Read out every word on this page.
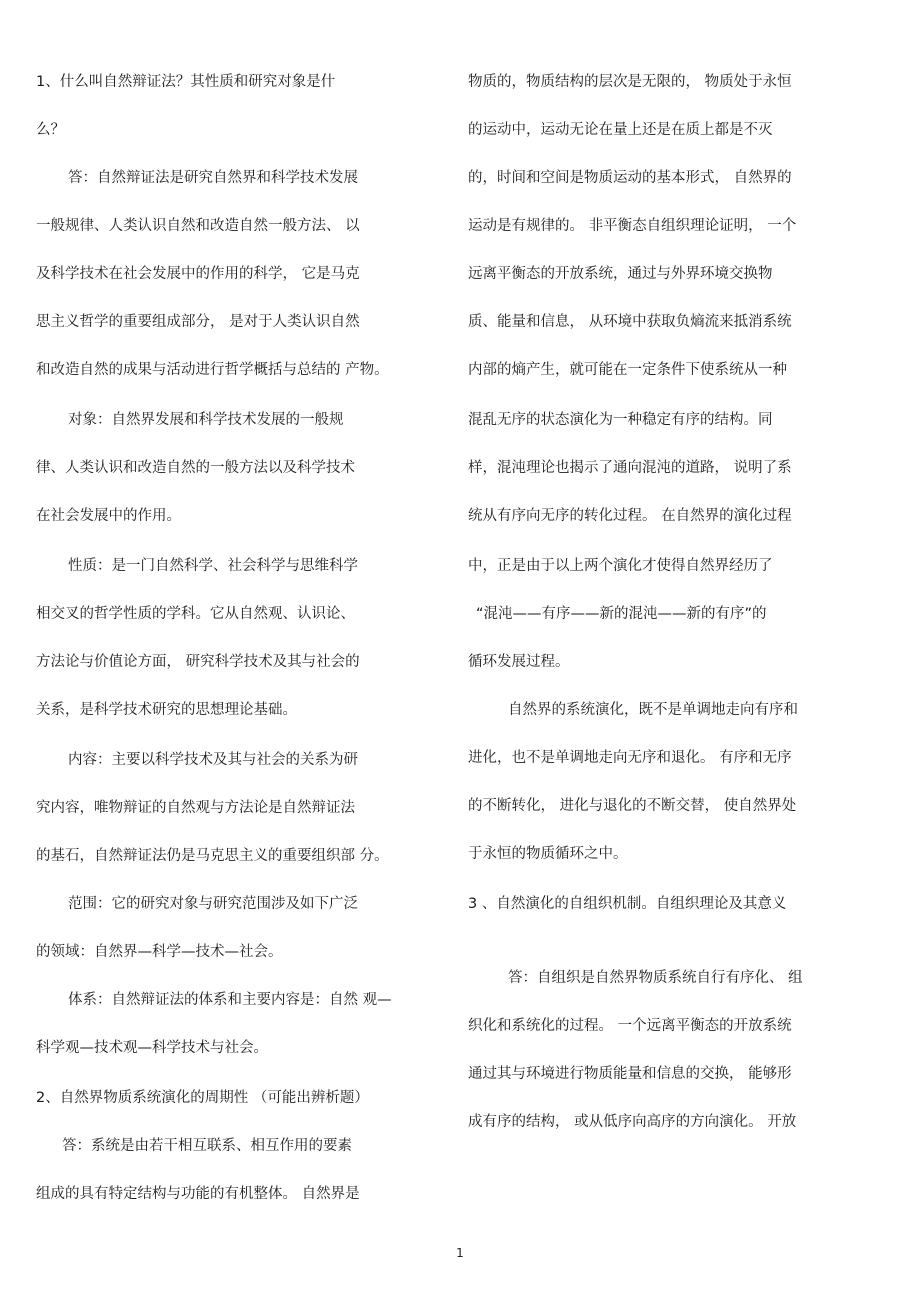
1、什么叫自然辩证法？其性质和研究对象是什
么？
答：自然辩证法是研究自然界和科学技术发展
一般规律、人类认识自然和改造自然一般方法、 以
及科学技术在社会发展中的作用的科学， 它是马克
思主义哲学的重要组成部分， 是对于人类认识自然
和改造自然的成果与活动进行哲学概括与总结的 产物。
对象：自然界发展和科学技术发展的一般规
律、人类认识和改造自然的一般方法以及科学技术
在社会发展中的作用。
性质：是一门自然科学、社会科学与思维科学
相交叉的哲学性质的学科。它从自然观、认识论、
方法论与价值论方面， 研究科学技术及其与社会的
关系，是科学技术研究的思想理论基础。
内容：主要以科学技术及其与社会的关系为研
究内容，唯物辩证的自然观与方法论是自然辩证法
的基石，自然辩证法仍是马克思主义的重要组织部 分。
范围：它的研究对象与研究范围涉及如下广泛
的领域：自然界—科学—技术—社会。
体系：自然辩证法的体系和主要内容是：自然 观—
科学观—技术观—科学技术与社会。
2、自然界物质系统演化的周期性 （可能出辨析题）
答：系统是由若干相互联系、相互作用的要素
组成的具有特定结构与功能的有机整体。 自然界是
物质的，物质结构的层次是无限的， 物质处于永恒
的运动中，运动无论在量上还是在质上都是不灭
的，时间和空间是物质运动的基本形式， 自然界的
运动是有规律的。 非平衡态自组织理论证明， 一个
远离平衡态的开放系统，通过与外界环境交换物
质、能量和信息， 从环境中获取负熵流来抵消系统
内部的熵产生，就可能在一定条件下使系统从一种
混乱无序的状态演化为一种稳定有序的结构。同
样，混沌理论也揭示了通向混沌的道路， 说明了系
统从有序向无序的转化过程。 在自然界的演化过程
中，正是由于以上两个演化才使得自然界经历了
“混沌——有序——新的混沌——新的有序”的
循环发展过程。
自然界的系统演化，既不是单调地走向有序和
进化，也不是单调地走向无序和退化。 有序和无序
的不断转化， 进化与退化的不断交替， 使自然界处
于永恒的物质循环之中。
3 、自然演化的自组织机制。自组织理论及其意义
答：自组织是自然界物质系统自行有序化、 组
织化和系统化的过程。 一个远离平衡态的开放系统
通过其与环境进行物质能量和信息的交换， 能够形
成有序的结构， 或从低序向高序的方向演化。 开放
1
